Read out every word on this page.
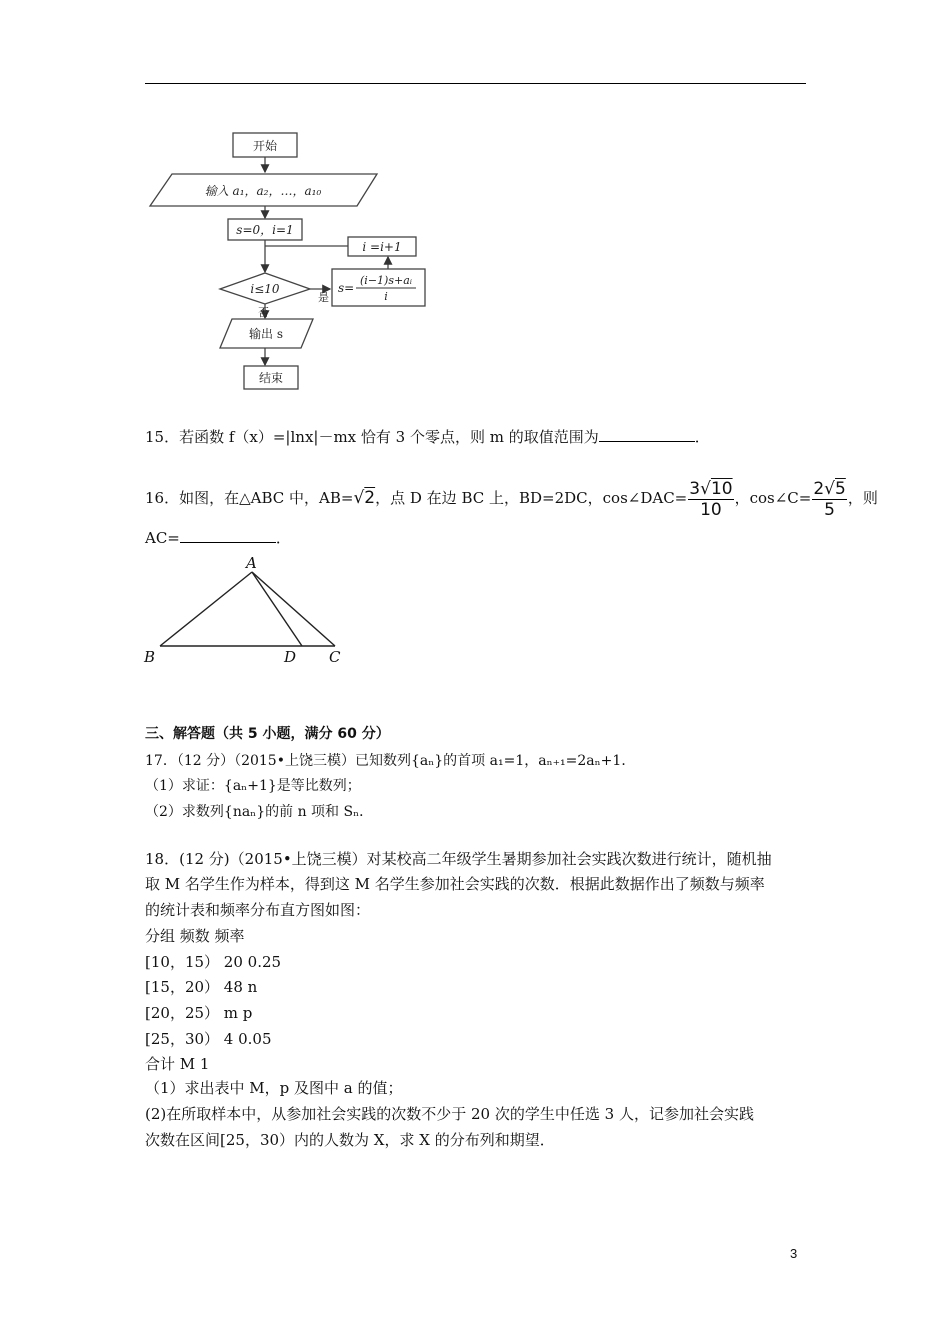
开始
输入 a₁，a₂，…，a₁₀
s=0，i=1
i =i+1
i≤10	s=
(i−1)s+aᵢ
i
是
否
输出 s
结束
15．若函数 f（x）=|lnx|－mx 恰有 3 个零点，则 m 的取值范围为	．
16．如图，在△ABC 中，AB=√2，点 D 在边 BC 上，BD=2DC，cos∠DAC= $\frac{3√10}{10}$ ，cos∠C= $\frac{2√5}{5}$ ，则
AC=	．
A
B	D C
三、解答题（共 5 小题，满分 60 分）
17．（12 分）（2015•上饶三模）已知数列{aₙ}的首项 a₁=1，aₙ₊₁=2aₙ+1．
（1）求证：{aₙ+1}是等比数列；
（2）求数列{naₙ}的前 n 项和 Sₙ．
18．(12 分)（2015•上饶三模）对某校高二年级学生暑期参加社会实践次数进行统计，随机抽
取 M 名学生作为样本，得到这 M 名学生参加社会实践的次数．根据此数据作出了频数与频率
的统计表和频率分布直方图如图：
分组 频数 频率
[10，15） 20 0.25
[15，20） 48 n
[20，25） m p
[25，30） 4 0.05
合计 M 1
（1）求出表中 M，p 及图中 a 的值；
(2)在所取样本中，从参加社会实践的次数不少于 20 次的学生中任选 3 人，记参加社会实践
次数在区间[25，30）内的人数为 X，求 X 的分布列和期望．
3
